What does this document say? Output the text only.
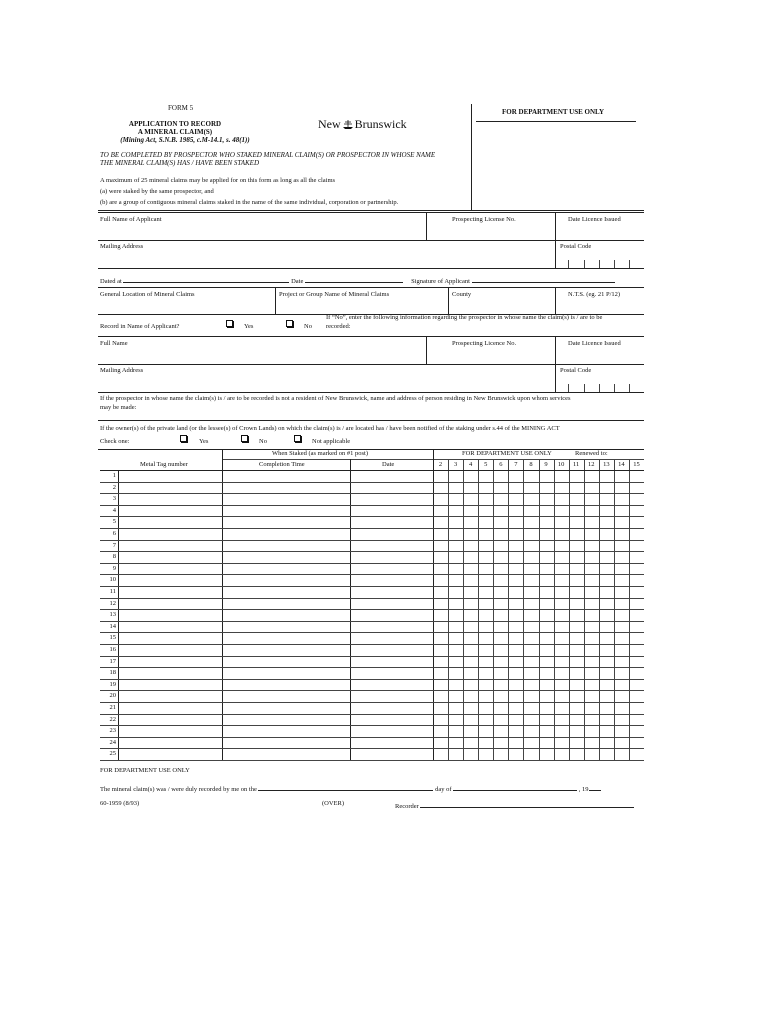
FORM 5
APPLICATION TO RECORD
A MINERAL CLAIM(S)
(Mining Act, S.N.B. 1985, c.M-14.1, s. 48(1))
New Brunswick
FOR DEPARTMENT USE ONLY
TO BE COMPLETED BY PROSPECTOR WHO STAKED MINERAL CLAIM(S) OR PROSPECTOR IN WHOSE NAME
THE MINERAL CLAIM(S) HAS / HAVE BEEN STAKED
A maximum of 25 mineral claims may be applied for on this form as long as all the claims
(a) were staked by the same prospector, and
(b) are a group of contiguous mineral claims staked in the name of the same individual, corporation or partnership.
Full Name of Applicant	Prospecting License No.	Date Licence Issued
Mailing Address	Postal Code
Dated at	Date	Signature of Applicant
General Location of Mineral Claims	Project or Group Name of Mineral Claims	County	N.T.S. (eg. 21 P/12)
If “No”, enter the following information regarding the prospector in whose name the claim(s) is / are to be
recorded:
Record in Name of Applicant?	Yes	No
Full Name	Prospecting Licence No.	Date Licence Issued
Mailing Address	Postal Code
If the prospector in whose name the claim(s) is / are to be recorded is not a resident of New Brunswick, name and address of person residing in New Brunswick upon whom services
may be made:
If the owner(s) of the private land (or the lessee(s) of Crown Lands) on which the claim(s) is / are located has / have been notified of the staking under s.44 of the MINING ACT
Check one:	Yes	No	Not applicable
When Staked (as marked on #1 post)	FOR DEPARTMENT USE ONLY	Renewed to:
Metal Tag number	Completion Time	Date	2	3	4	5	6	7	8	9	10	11	12	13	14	15
1
2
3
4
5
6
7
8
9
10
11
12
13
14
15
16
17
18
19
20
21
22
23
24
25
FOR DEPARTMENT USE ONLY
The mineral claim(s) was / were duly recorded by me on the	day of	, 19
60-1959 (8/93)	(OVER)	Recorder
